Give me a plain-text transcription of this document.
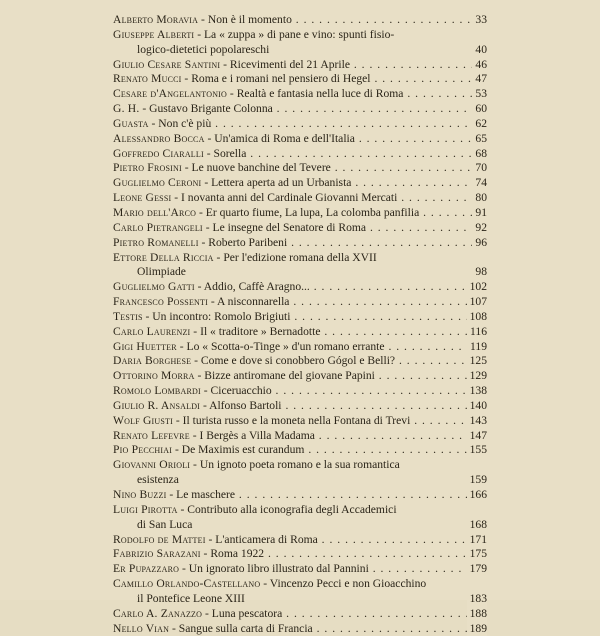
Alberto Moravia - Non è il momento . . .	33
Giuseppe Alberti - La « zuppa » di pane e vino: spunti fisio-
logico-dietetici popolareschi	40
Giulio Cesare Santini - Ricevimenti del 21 Aprile . . .	46
Renato Mucci - Roma e i romani nel pensiero di Hegel . . .	47
Cesare d'Angelantonio - Realtà e fantasia nella luce di Roma . . .	53
G. H. - Gustavo Brigante Colonna . . .	60
Guasta - Non c'è più . . .	62
Alessandro Bocca - Un'amica di Roma e dell'Italia . . .	65
Goffredo Ciaralli - Sorella . . .	68
Pietro Frosini - Le nuove banchine del Tevere . . .	70
Guglielmo Ceroni - Lettera aperta ad un Urbanista . . .	74
Leone Gessi - I novanta anni del Cardinale Giovanni Mercati . . .	80
Mario dell'Arco - Er quarto fiume, La lupa, La colomba panfilia . . .	91
Carlo Pietrangeli - Le insegne del Senatore di Roma . . .	92
Pietro Romanelli - Roberto Paribeni . . .	96
Ettore Della Riccia - Per l'edizione romana della XVII
Olimpiade	98
Guglielmo Gatti - Addio, Caffè Aragno... . . .	102
Francesco Possenti - A nisconnarella . . .	107
Testis - Un incontro: Romolo Brigiuti . . .	108
Carlo Laurenzi - Il « traditore » Bernadotte . . .	116
Gigi Huetter - Lo « Scotta-o-Tinge » d'un romano errante . . .	119
Daria Borghese - Come e dove si conobbero Gógol e Belli? . . .	125
Ottorino Morra - Bizze antiromane del giovane Papini . . .	129
Romolo Lombardi - Ciceruacchio . . .	138
Giulio R. Ansaldi - Alfonso Bartoli . . .	140
Wolf Giusti - Il turista russo e la moneta nella Fontana di Trevi . . .	143
Renato Lefevre - I Bergès a Villa Madama . . .	147
Pio Pecchiai - De Maximis est curandum . . .	155
Giovanni Orioli - Un ignoto poeta romano e la sua romantica
esistenza	159
Nino Buzzi - Le maschere . . .	166
Luigi Pirotta - Contributo alla iconografia degli Accademici
di San Luca	168
Rodolfo de Mattei - L'anticamera di Roma . . .	171
Fabrizio Sarazani - Roma 1922 . . .	175
Er Pupazzaro - Un ignorato libro illustrato dal Pannini . . .	179
Camillo Orlando-Castellano - Vincenzo Pecci e non Gioacchino
il Pontefice Leone XIII	183
Carlo A. Zanazzo - Luna pescatora . . .	188
Nello Vian - Sangue sulla carta di Francia . . .	189
